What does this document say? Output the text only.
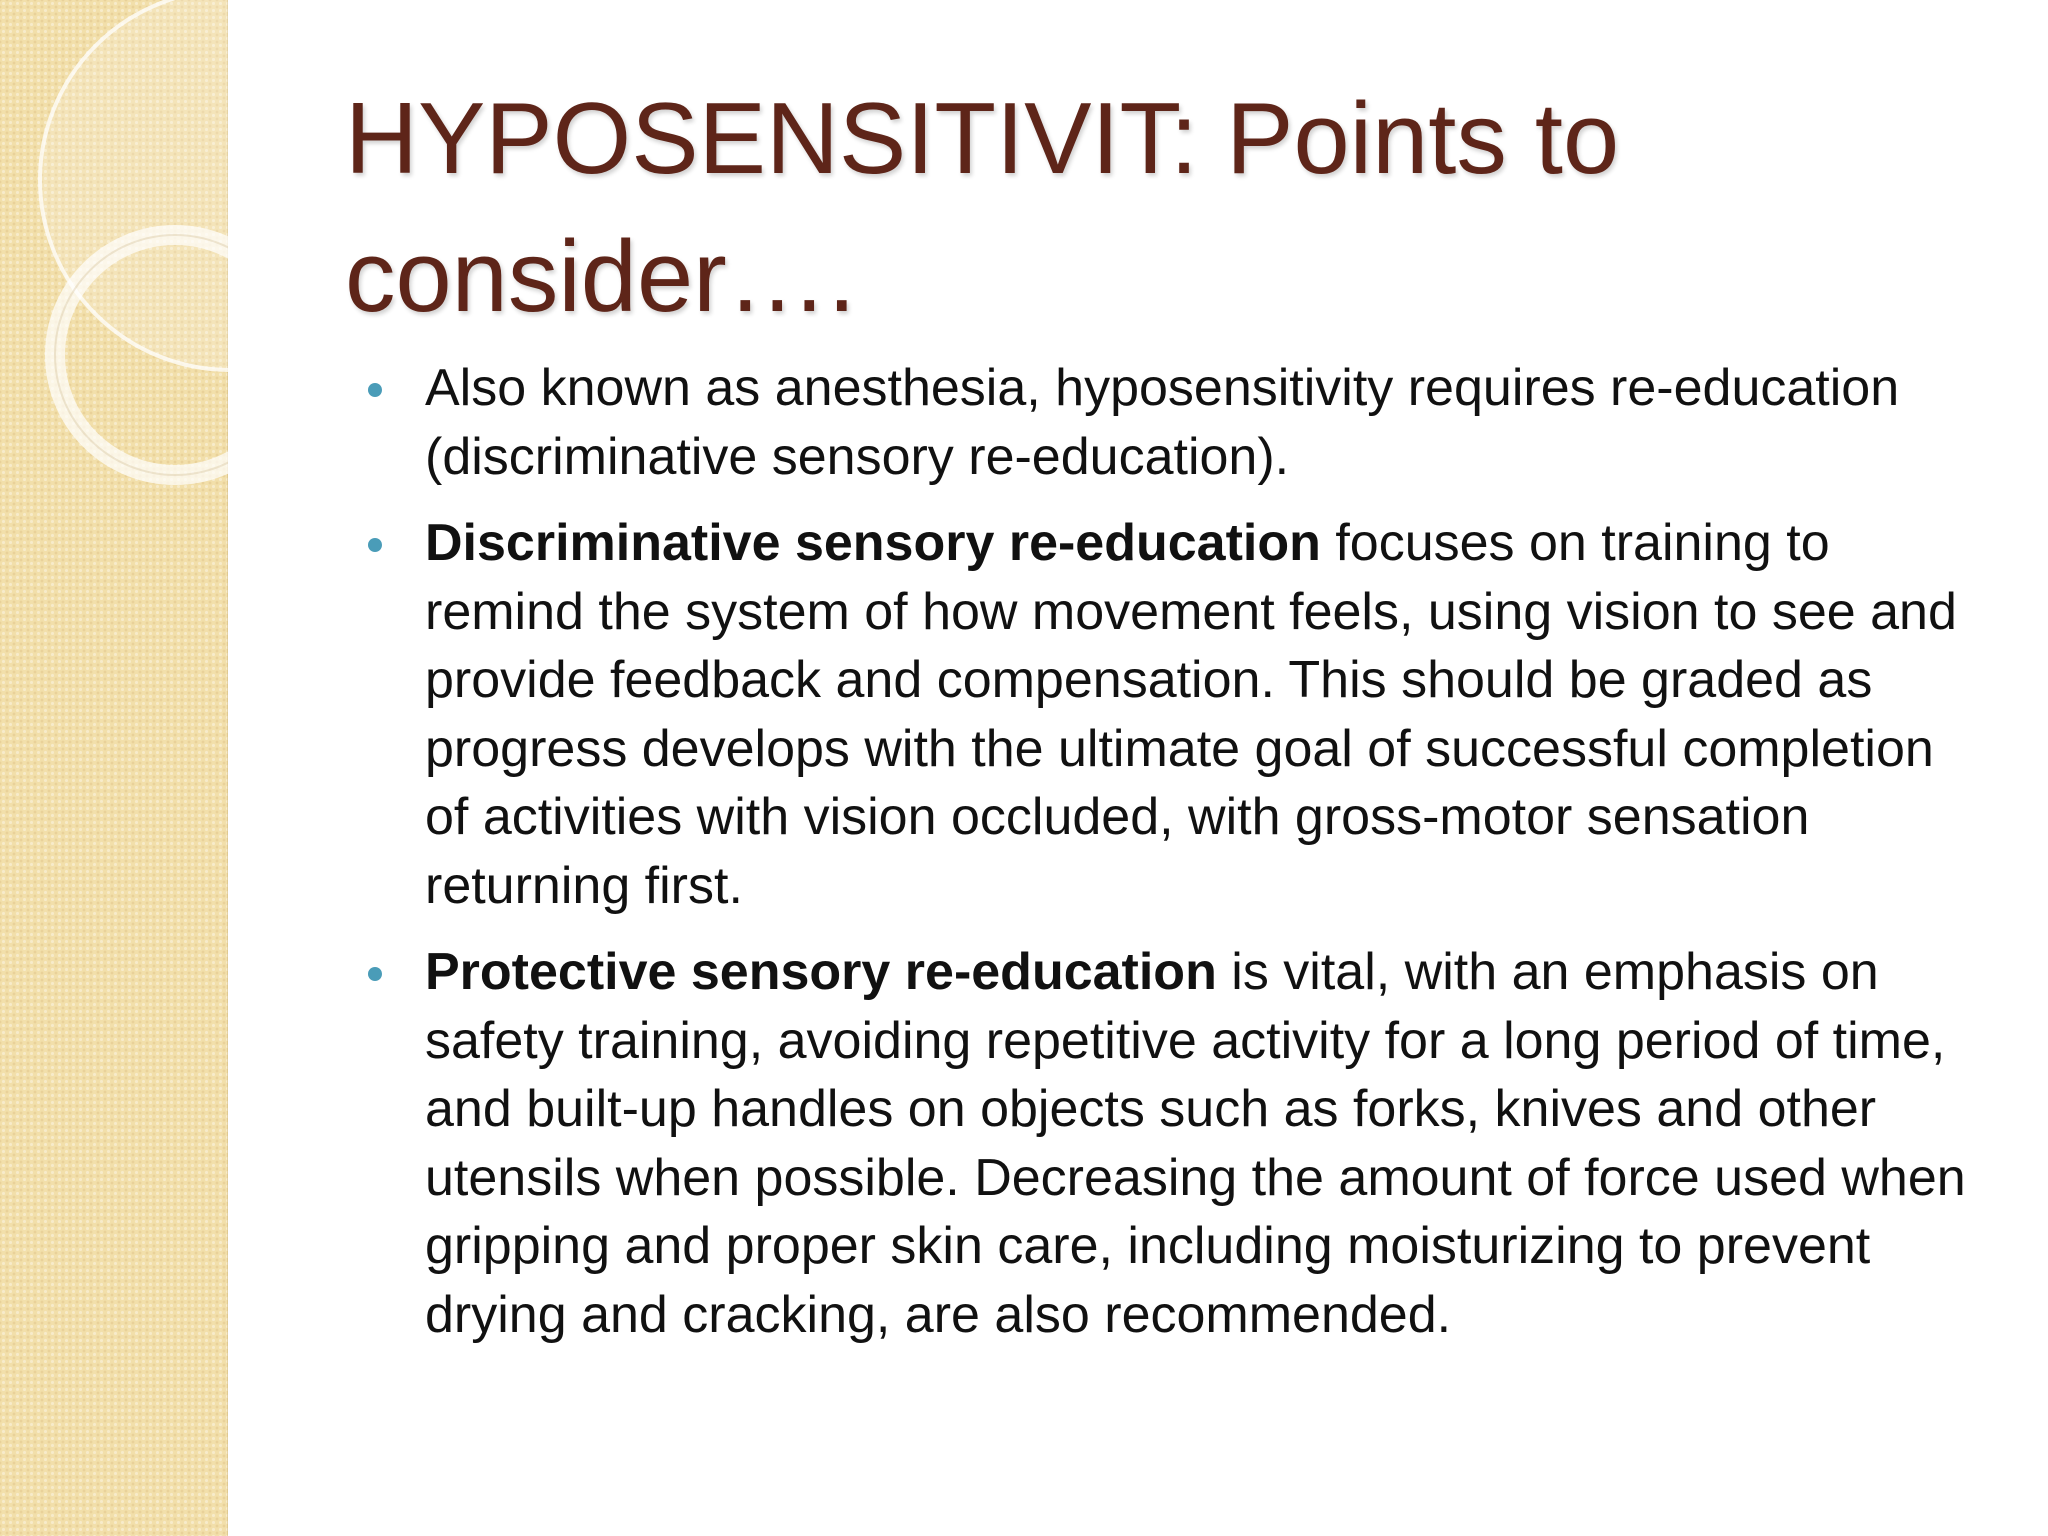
HYPOSENSITIVIT: Points to consider….
Also known as anesthesia, hyposensitivity requires re-education (discriminative sensory re-education).
Discriminative sensory re-education focuses on training to remind the system of how movement feels, using vision to see and provide feedback and compensation. This should be graded as progress develops with the ultimate goal of successful completion of activities with vision occluded, with gross-motor sensation returning first.
Protective sensory re-education is vital, with an emphasis on safety training, avoiding repetitive activity for a long period of time, and built-up handles on objects such as forks, knives and other utensils when possible. Decreasing the amount of force used when gripping and proper skin care, including moisturizing to prevent drying and cracking, are also recommended.
